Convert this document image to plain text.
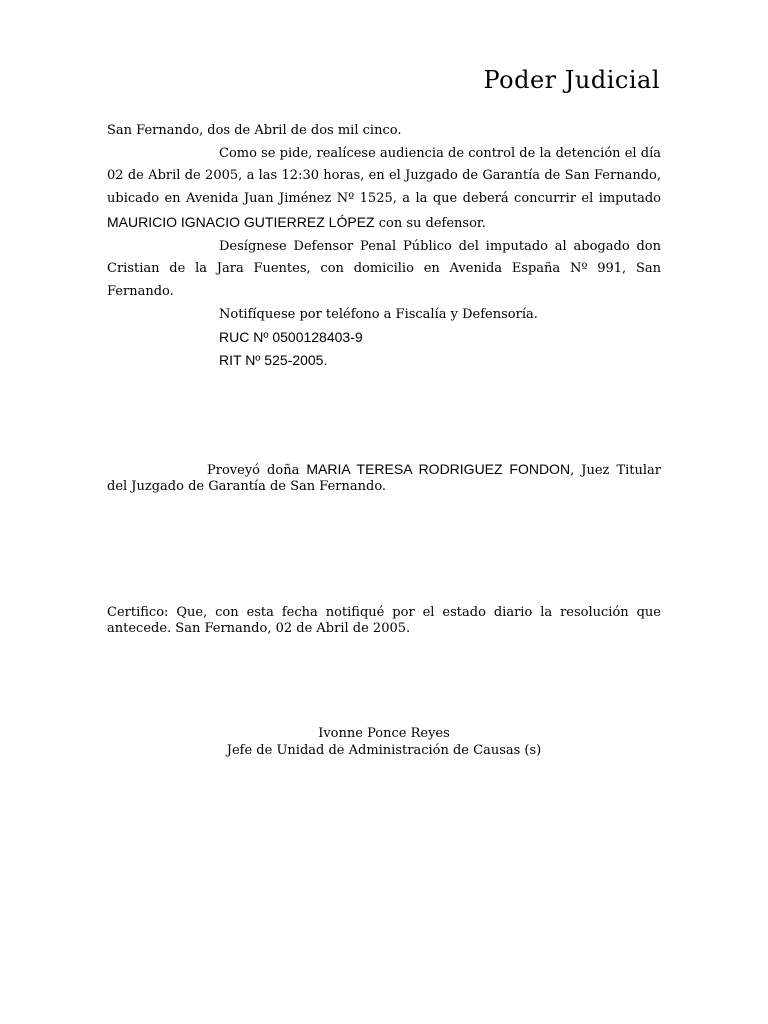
Poder Judicial

San Fernando, dos de Abril de dos mil cinco.

Como se pide, realícese audiencia de control de la detención el día 02 de Abril de 2005, a las 12:30 horas, en el Juzgado de Garantía de San Fernando, ubicado en Avenida Juan Jiménez Nº 1525, a la que deberá concurrir el imputado MAURICIO IGNACIO GUTIERREZ LÓPEZ con su defensor.

Desígnese Defensor Penal Público del imputado al abogado don Cristian de la Jara Fuentes, con domicilio en Avenida España Nº 991, San Fernando.

Notifíquese por teléfono a Fiscalía y Defensoría.

RUC Nº 0500128403-9

RIT Nº 525-2005.

Proveyó doña MARIA TERESA RODRIGUEZ FONDON, Juez Titular del Juzgado de Garantía de San Fernando.

Certifico: Que, con esta fecha notifiqué por el estado diario la resolución que antecede. San Fernando, 02 de Abril de 2005.

Ivonne Ponce Reyes
Jefe de Unidad de Administración de Causas (s)
